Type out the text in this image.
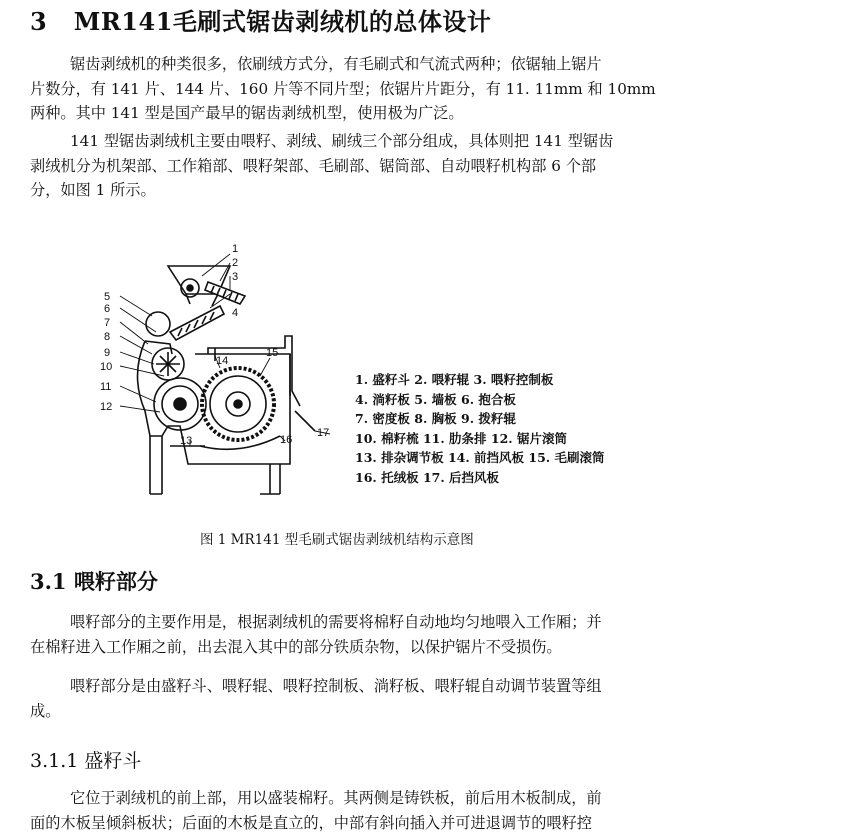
3 MR141毛刷式锯齿剥绒机的总体设计
锯齿剥绒机的种类很多，依刷绒方式分，有毛刷式和气流式两种；依锯轴上锯片
片数分，有 141 片、144 片、160 片等不同片型；依锯片片距分，有 11. 11mm 和 10mm
两种。其中 141 型是国产最早的锯齿剥绒机型，使用极为广泛。
141 型锯齿剥绒机主要由喂籽、剥绒、刷绒三个部分组成，具体则把 141 型锯齿
剥绒机分为机架部、工作箱部、喂籽架部、毛刷部、锯筒部、自动喂籽机构部 6 个部
分，如图 1 所示。
1
2
3
4
5
6
7
8
9
10
11
12
13
14
15
16
17
1. 盛籽斗 2. 喂籽辊 3. 喂籽控制板
4. 淌籽板 5. 墙板 6. 抱合板
7. 密度板 8. 胸板 9. 拨籽辊
10. 棉籽梳 11. 肋条排 12. 锯片滚筒
13. 排杂调节板 14. 前挡风板 15. 毛刷滚筒
16. 托绒板 17. 后挡风板
图 1 MR141 型毛刷式锯齿剥绒机结构示意图
3.1 喂籽部分
喂籽部分的主要作用是，根据剥绒机的需要将棉籽自动地均匀地喂入工作厢；并
在棉籽进入工作厢之前，出去混入其中的部分铁质杂物，以保护锯片不受损伤。
喂籽部分是由盛籽斗、喂籽辊、喂籽控制板、淌籽板、喂籽辊自动调节装置等组
成。
3.1.1 盛籽斗
它位于剥绒机的前上部，用以盛装棉籽。其两侧是铸铁板，前后用木板制成，前
面的木板呈倾斜板状；后面的木板是直立的，中部有斜向插入并可进退调节的喂籽控
